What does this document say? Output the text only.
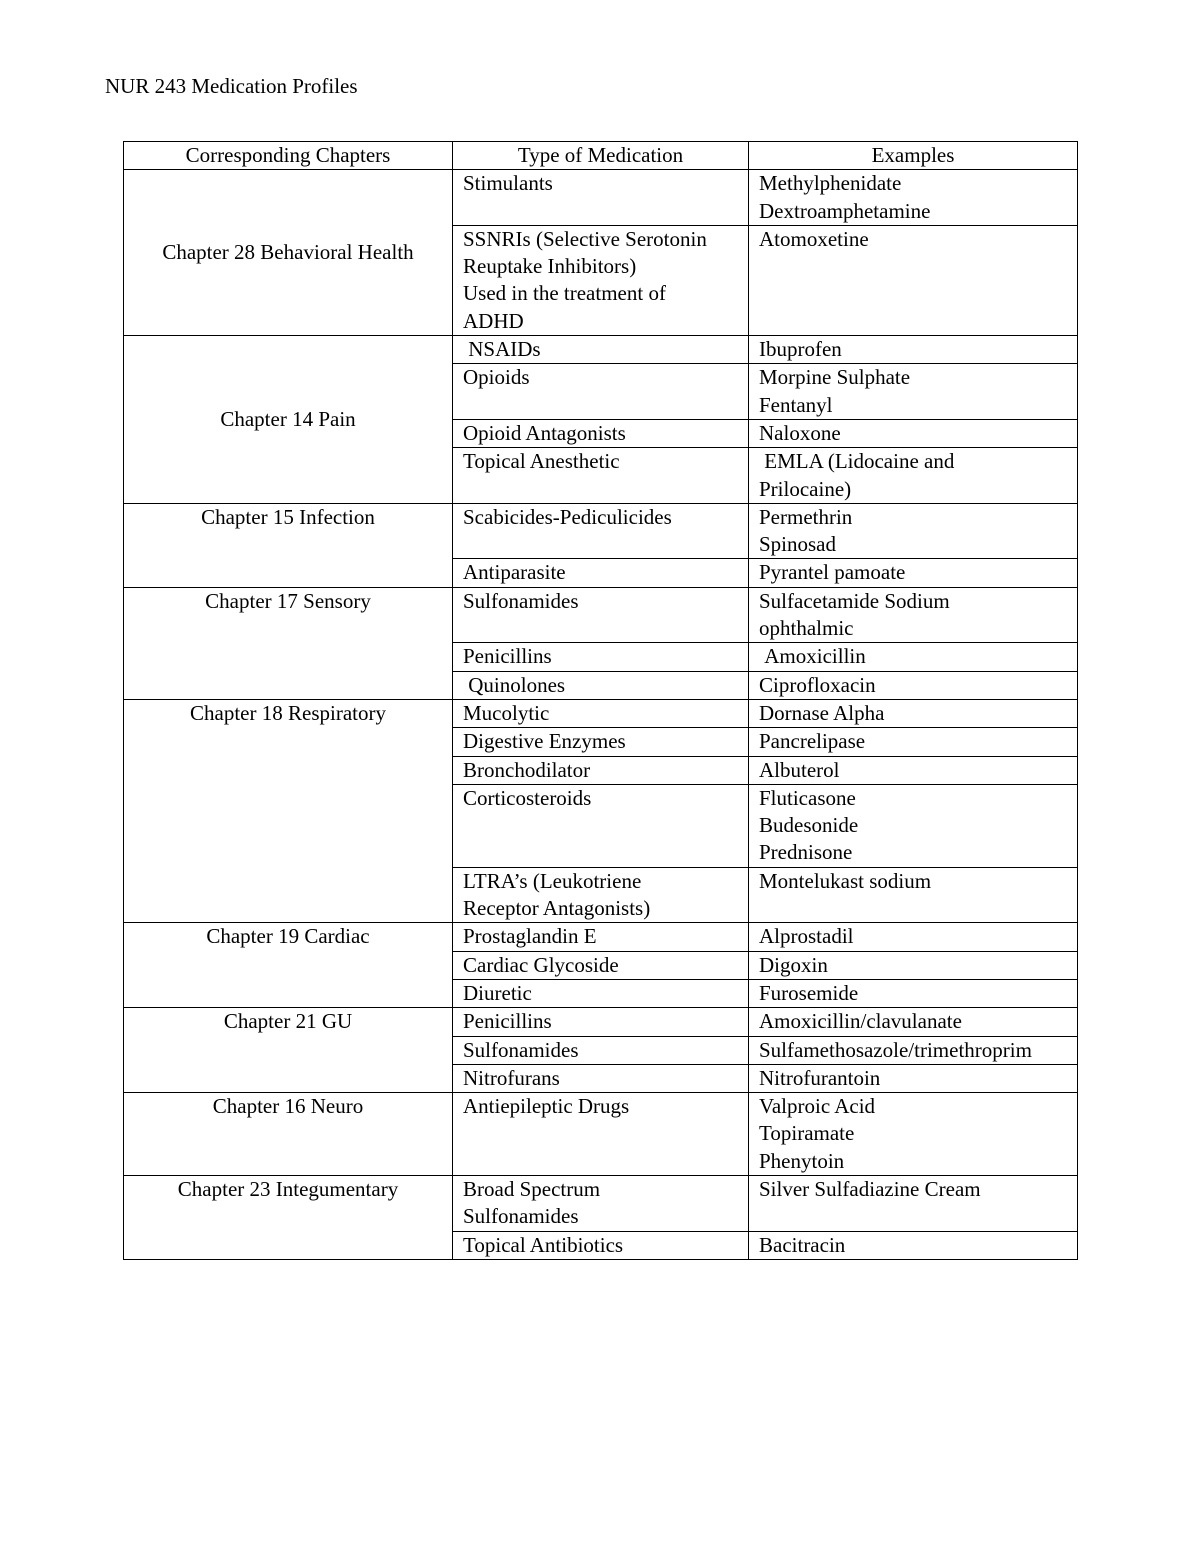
NUR 243 Medication Profiles
Corresponding Chapters	Type of Medication	Examples
Chapter 28 Behavioral Health	Stimulants	Methylphenidate
Dextroamphetamine

	SSNRIs (Selective Serotonin
Reuptake Inhibitors)
Used in the treatment of
ADHD	Atomoxetine

Chapter 14 Pain	NSAIDs	Ibuprofen

	Opioids	Morpine Sulphate
Fentanyl

	Opioid Antagonists	Naloxone

	Topical Anesthetic	EMLA (Lidocaine and
Prilocaine)

Chapter 15 Infection	Scabicides-Pediculicides	Permethrin
Spinosad

	Antiparasite	Pyrantel pamoate

Chapter 17 Sensory	Sulfonamides	Sulfacetamide Sodium
ophthalmic

	Penicillins	Amoxicillin

	Quinolones	Ciprofloxacin

Chapter 18 Respiratory	Mucolytic	Dornase Alpha

	Digestive Enzymes	Pancrelipase

	Bronchodilator	Albuterol

	Corticosteroids	Fluticasone
Budesonide
Prednisone

	LTRA’s (Leukotriene
Receptor Antagonists)	Montelukast sodium

Chapter 19 Cardiac	Prostaglandin E	Alprostadil

	Cardiac Glycoside	Digoxin

	Diuretic	Furosemide

Chapter 21 GU	Penicillins	Amoxicillin/clavulanate

	Sulfonamides	Sulfamethosazole/trimethroprim

	Nitrofurans	Nitrofurantoin

Chapter 16 Neuro	Antiepileptic Drugs	Valproic Acid
Topiramate
Phenytoin

Chapter 23 Integumentary	Broad Spectrum
Sulfonamides	Silver Sulfadiazine Cream

	Topical Antibiotics	Bacitracin
